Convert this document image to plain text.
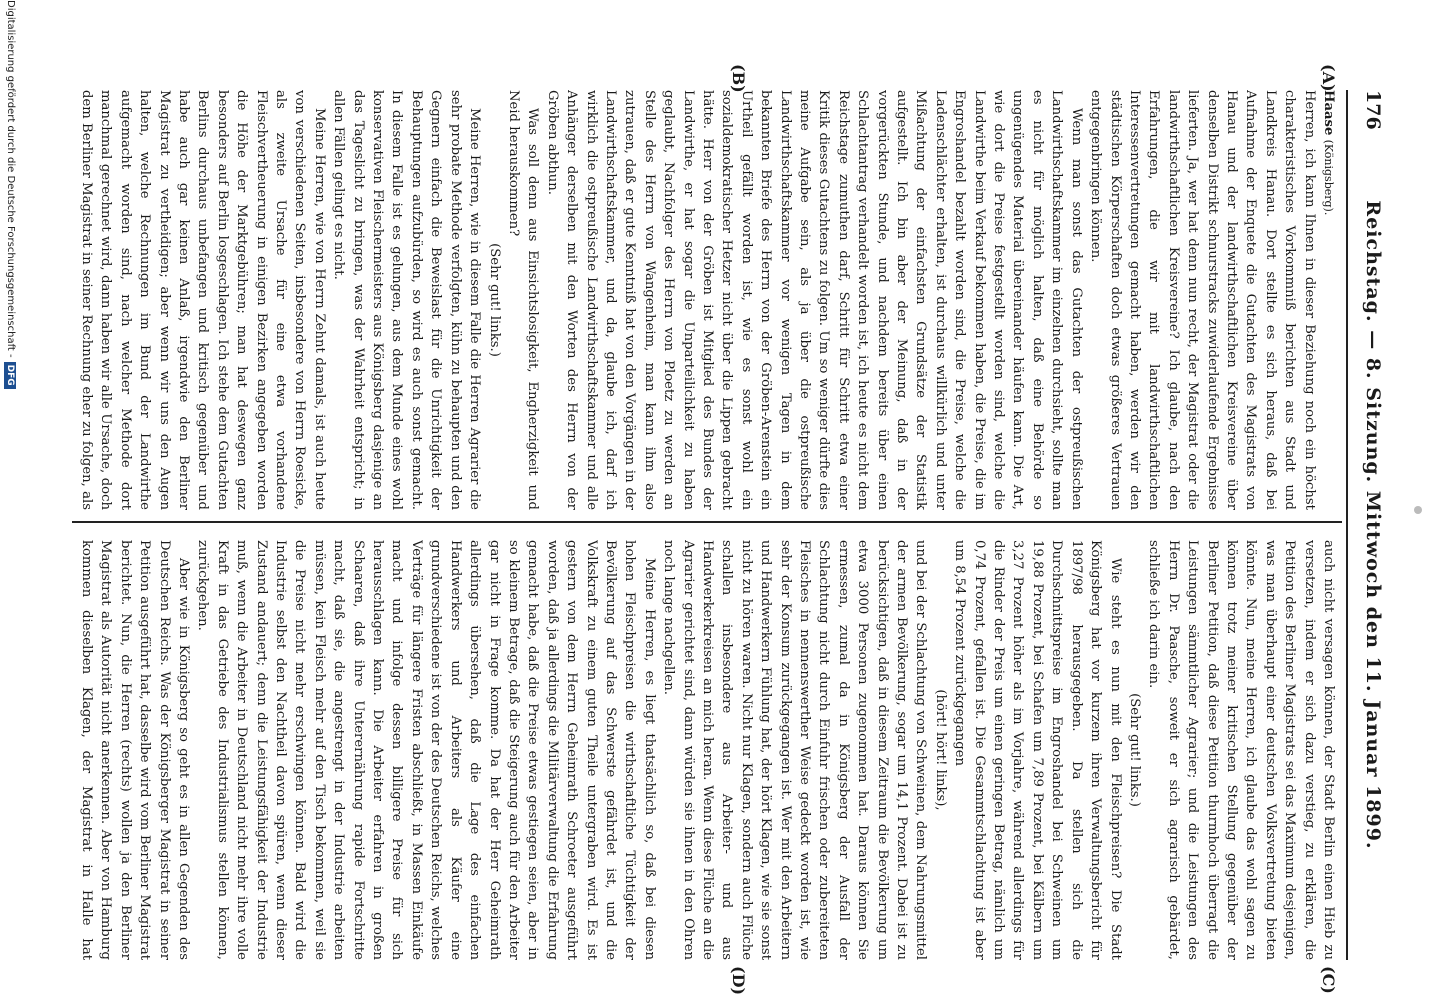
176
Reichstag. — 8. Sitzung. Mittwoch den 11. Januar 1899.
(A)
(B)
(C)
(D)

Haase (Königsberg).

Herren, ich kann Ihnen in dieser Beziehung noch ein höchst charakteristisches Vorkommniß berichten aus Stadt und Landkreis Hanau. Dort stellte es sich heraus, daß bei Aufnahme der Enquete die Gutachten des Magistrats von Hanau und der landwirthschaftlichen Kreisvereine über denselben Distrikt schnurstracks zuwiderlaufende Ergebnisse lieferten. Ja, wer hat denn nun recht, der Magistrat oder die landwirthschaftlichen Kreisvereine? Ich glaube, nach den Erfahrungen, die wir mit landwirthschaftlichen Interessenvertretungen gemacht haben, werden wir den städtischen Körperschaften doch etwas größeres Vertrauen entgegenbringen können.

Wenn man sonst das Gutachten der ostpreußischen Landwirthschaftskammer im einzelnen durchsieht, sollte man es nicht für möglich halten, daß eine Behörde so ungenügendes Material übereinander häufen kann. Die Art, wie dort die Preise festgestellt worden sind, welche die Landwirthe beim Verkauf bekommen haben, die Preise, die im Engroshandel bezahlt worden sind, die Preise, welche die Ladenschlächter erhalten, ist durchaus willkürlich und unter Mißachtung der einfachsten Grundsätze der Statistik aufgestellt. Ich bin aber der Meinung, daß in der vorgerückten Stunde, und nachdem bereits über einen Schlachtantrag verhandelt worden ist, ich heute es nicht dem Reichstage zumuthen darf, Schritt für Schritt etwa einer Kritik dieses Gutachtens zu folgen. Um so weniger dürfte dies meine Aufgabe sein, als ja über die ostpreußische Landwirthschaftskammer vor wenigen Tagen in dem bekannten Briefe des Herrn von der Gröben-Arenstein ein Urtheil gefällt worden ist, wie es sonst wohl ein sozialdemokratischer Hetzer nicht über die Lippen gebracht hätte. Herr von der Gröben ist Mitglied des Bundes der Landwirthe, er hat sogar die Unparteilichkeit zu haben geglaubt, Nachfolger des Herrn von Ploetz zu werden an Stelle des Herrn von Wangenheim, man kann ihm also zutrauen, daß er gute Kenntniß hat von den Vorgängen in der Landwirthschaftskammer, und da, glaube ich, darf ich wirklich die ostpreußische Landwirthschaftskammer und alle Anhänger derselben mit den Worten des Herrn von der Gröben abthun.

Was soll denn aus Einsichtslosigkeit, Engherzigkeit und Neid herauskommen?

(Sehr gut! links.)

Meine Herren, wie in diesem Falle die Herren Agrarier die sehr probate Methode verfolgten, kühn zu behaupten und den Gegnern einfach die Beweislast für die Unrichtigkeit der Behauptungen aufzubürden, so wird es auch sonst gemacht. In diesem Falle ist es gelungen, aus dem Munde eines wohl konservativen Fleischermeisters aus Königsberg dasjenige an das Tageslicht zu bringen, was der Wahrheit entspricht; in allen Fällen gelingt es nicht.

Meine Herren, wie von Herrn Zehnt damals, ist auch heute von verschiedenen Seiten, insbesondere von Herrn Roesicke, als zweite Ursache für eine etwa vorhandene Fleischvertheuerung in einigen Bezirken angegeben worden die Höhe der Marktgebühren; man hat deswegen ganz besonders auf Berlin losgeschlagen. Ich stehe dem Gutachten Berlins durchaus unbefangen und kritisch gegenüber und habe auch gar keinen Anlaß, irgendwie den Berliner Magistrat zu vertheidigen; aber wenn wir uns den Augen halten, welche Rechnungen im Bund der Landwirthe aufgemacht worden sind, nach welcher Methode dort manchmal gerechnet wird, dann haben wir alle Ursache, doch dem Berliner Magistrat in seiner Rechnung eher zu folgen, als

auch nicht versagen können, der Stadt Berlin einen Hieb zu versetzen, indem er sich dazu verstieg, zu erklären, die Petition des Berliner Magistrats sei das Maximum desjenigen, was man überhaupt einer deutschen Volksvertretung bieten könnte. Nun, meine Herren, ich glaube das wohl sagen zu können trotz meiner kritischen Stellung gegenüber der Berliner Petition, daß diese Petition thurmhoch überragt die Leistungen sämmtlicher Agrarier; und die Leistungen des Herrn Dr. Paasche, soweit er sich agrarisch gebärdet, schließe ich darin ein.

(Sehr gut! links.)

Wie steht es nun mit den Fleischpreisen? Die Stadt Königsberg hat vor kurzem ihren Verwaltungsbericht für 1897/98 herausgegeben. Da stellen sich die Durchschnittspreise im Engroshandel bei Schweinen um 19,88 Prozent, bei Schafen um 7,89 Prozent, bei Kälbern um 3,27 Prozent höher als im Vorjahre, während allerdings für die Rinder der Preis um einen geringen Betrag, nämlich um 0,74 Prozent, gefallen ist. Die Gesammtschlachtung ist aber um 8,54 Prozent zurückgegangen

(hört! hört! links),

und bei der Schlachtung von Schweinen, dem Nahrungsmittel der armen Bevölkerung, sogar um 14,1 Prozent. Dabei ist zu berücksichtigen, daß in diesem Zeitraum die Bevölkerung um etwa 3000 Personen zugenommen hat. Daraus können Sie ermessen, zumal da in Königsberg der Ausfall der Schlachtung nicht durch Einfuhr frischen oder zubereiteten Fleisches in nennenswerther Weise gedeckt worden ist, wie sehr der Konsum zurückgegangen ist. Wer mit den Arbeitern und Handwerkern Fühlung hat, der hört Klagen, wie sie sonst nicht zu hören waren. Nicht nur Klagen, sondern auch Flüche schallen insbesondere aus Arbeiter- und aus Handwerkerkreisen an mich heran. Wenn diese Flüche an die Agrarier gerichtet sind, dann würden sie ihnen in den Ohren noch lange nachgellen.

Meine Herren, es liegt thatsächlich so, daß bei diesen hohen Fleischpreisen die wirthschaftliche Tüchtigkeit der Bevölkerung auf das Schwerste gefährdet ist, und die Volkskraft zu einem guten Theile untergraben wird. Es ist gestern von dem Herrn Geheimrath Schroeter ausgeführt worden, daß ja allerdings die Militärverwaltung die Erfahrung gemacht habe, daß die Preise etwas gestiegen seien, aber in so kleinem Betrage, daß die Steigerung auch für den Arbeiter gar nicht in Frage komme. Da hat der Herr Geheimrath allerdings übersehen, daß die Lage des einfachen Handwerkers und Arbeiters als Käufer eine grundverschiedene ist von der des Deutschen Reichs, welches Verträge für längere Fristen abschließt, in Massen Einkäufe macht und infolge dessen billigere Preise für sich herausschlagen kann. Die Arbeiter erfahren in großen Schaaren, daß ihre Unterernährung rapide Fortschritte macht, daß sie, die angestrengt in der Industrie arbeiten müssen, kein Fleisch mehr auf den Tisch bekommen, weil sie die Preise nicht mehr erschwingen können. Bald wird die Industrie selbst den Nachtheil davon spüren, wenn dieser Zustand andauert; denn die Leistungsfähigkeit der Industrie muß, wenn die Arbeiter in Deutschland nicht mehr ihre volle Kraft in das Getriebe des Industrialismus stellen können, zurückgehen.

Aber wie in Königsberg so geht es in allen Gegenden des Deutschen Reichs. Was der Königsberger Magistrat in seiner Petition ausgeführt hat, dasselbe wird vom Berliner Magistrat berichtet. Nun, die Herren (rechts) wollen ja den Berliner Magistrat als Autorität nicht anerkennen. Aber von Hamburg kommen dieselben Klagen, der Magistrat in Halle hat

Digitalisierung gefördert durch die Deutsche Forschungsgemeinschaft -DFG
